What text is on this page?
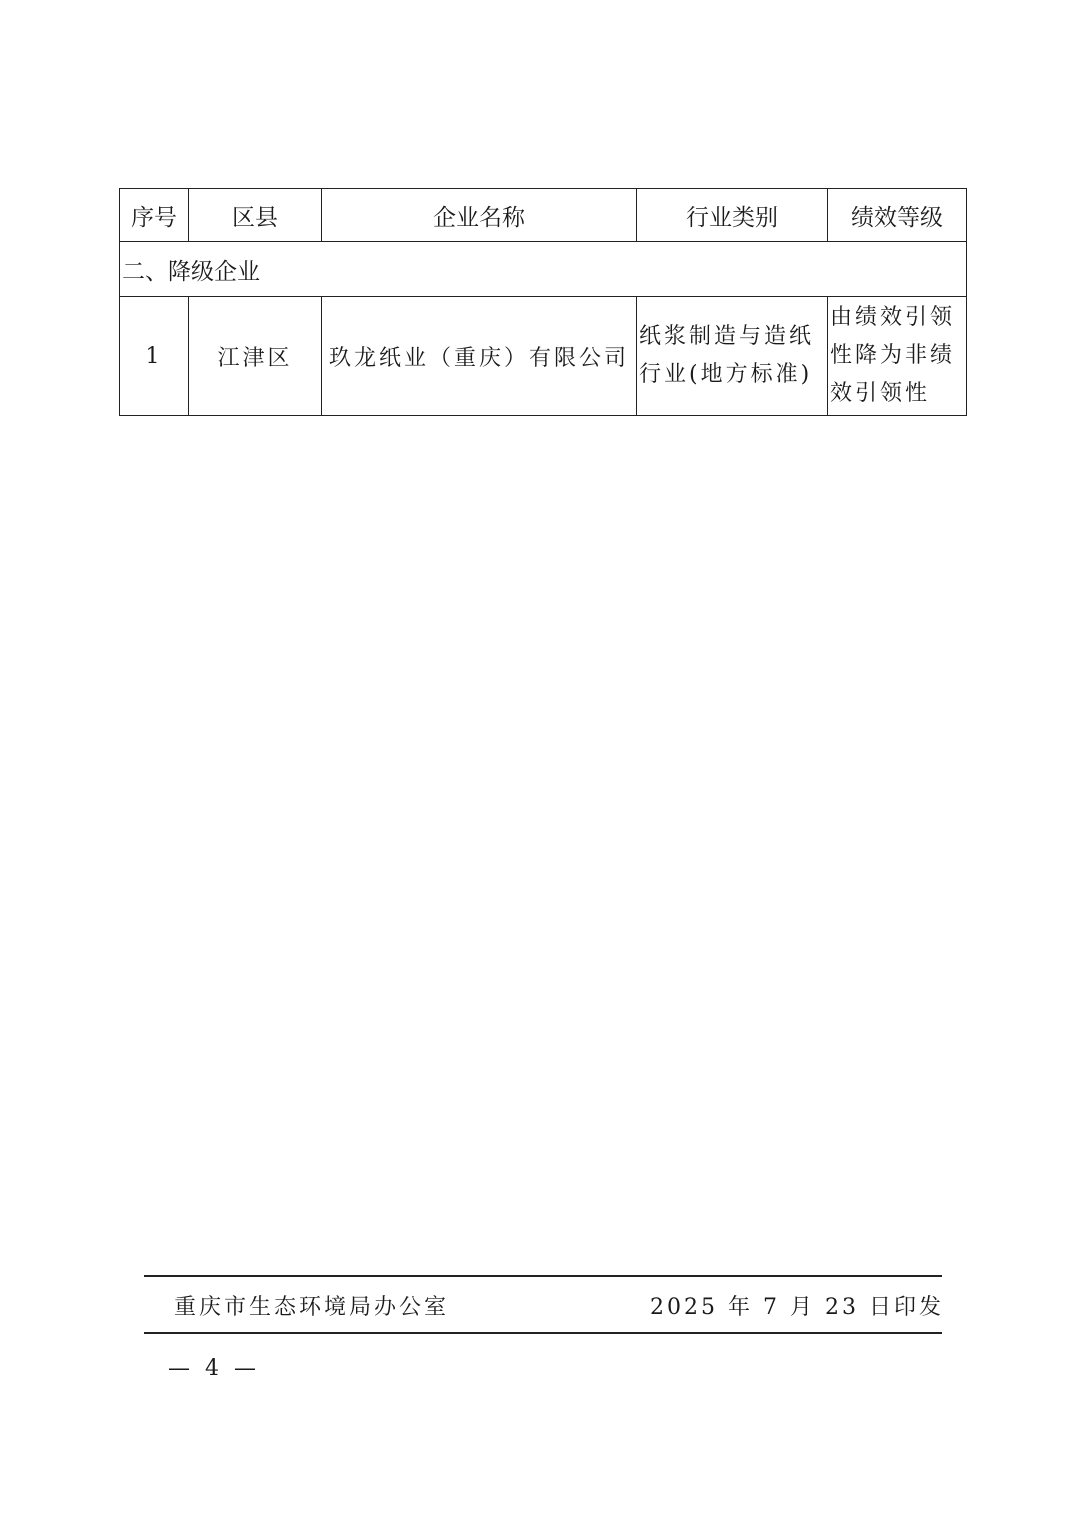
序号	区县	企业名称	行业类别	绩效等级
二、降级企业				
1	江津区	玖龙纸业（重庆）有限公司	纸浆制造与造纸行业(地方标准)	由绩效引领性降为非绩效引领性
重庆市生态环境局办公室	2025 年 7 月 23 日印发
— 4 —
